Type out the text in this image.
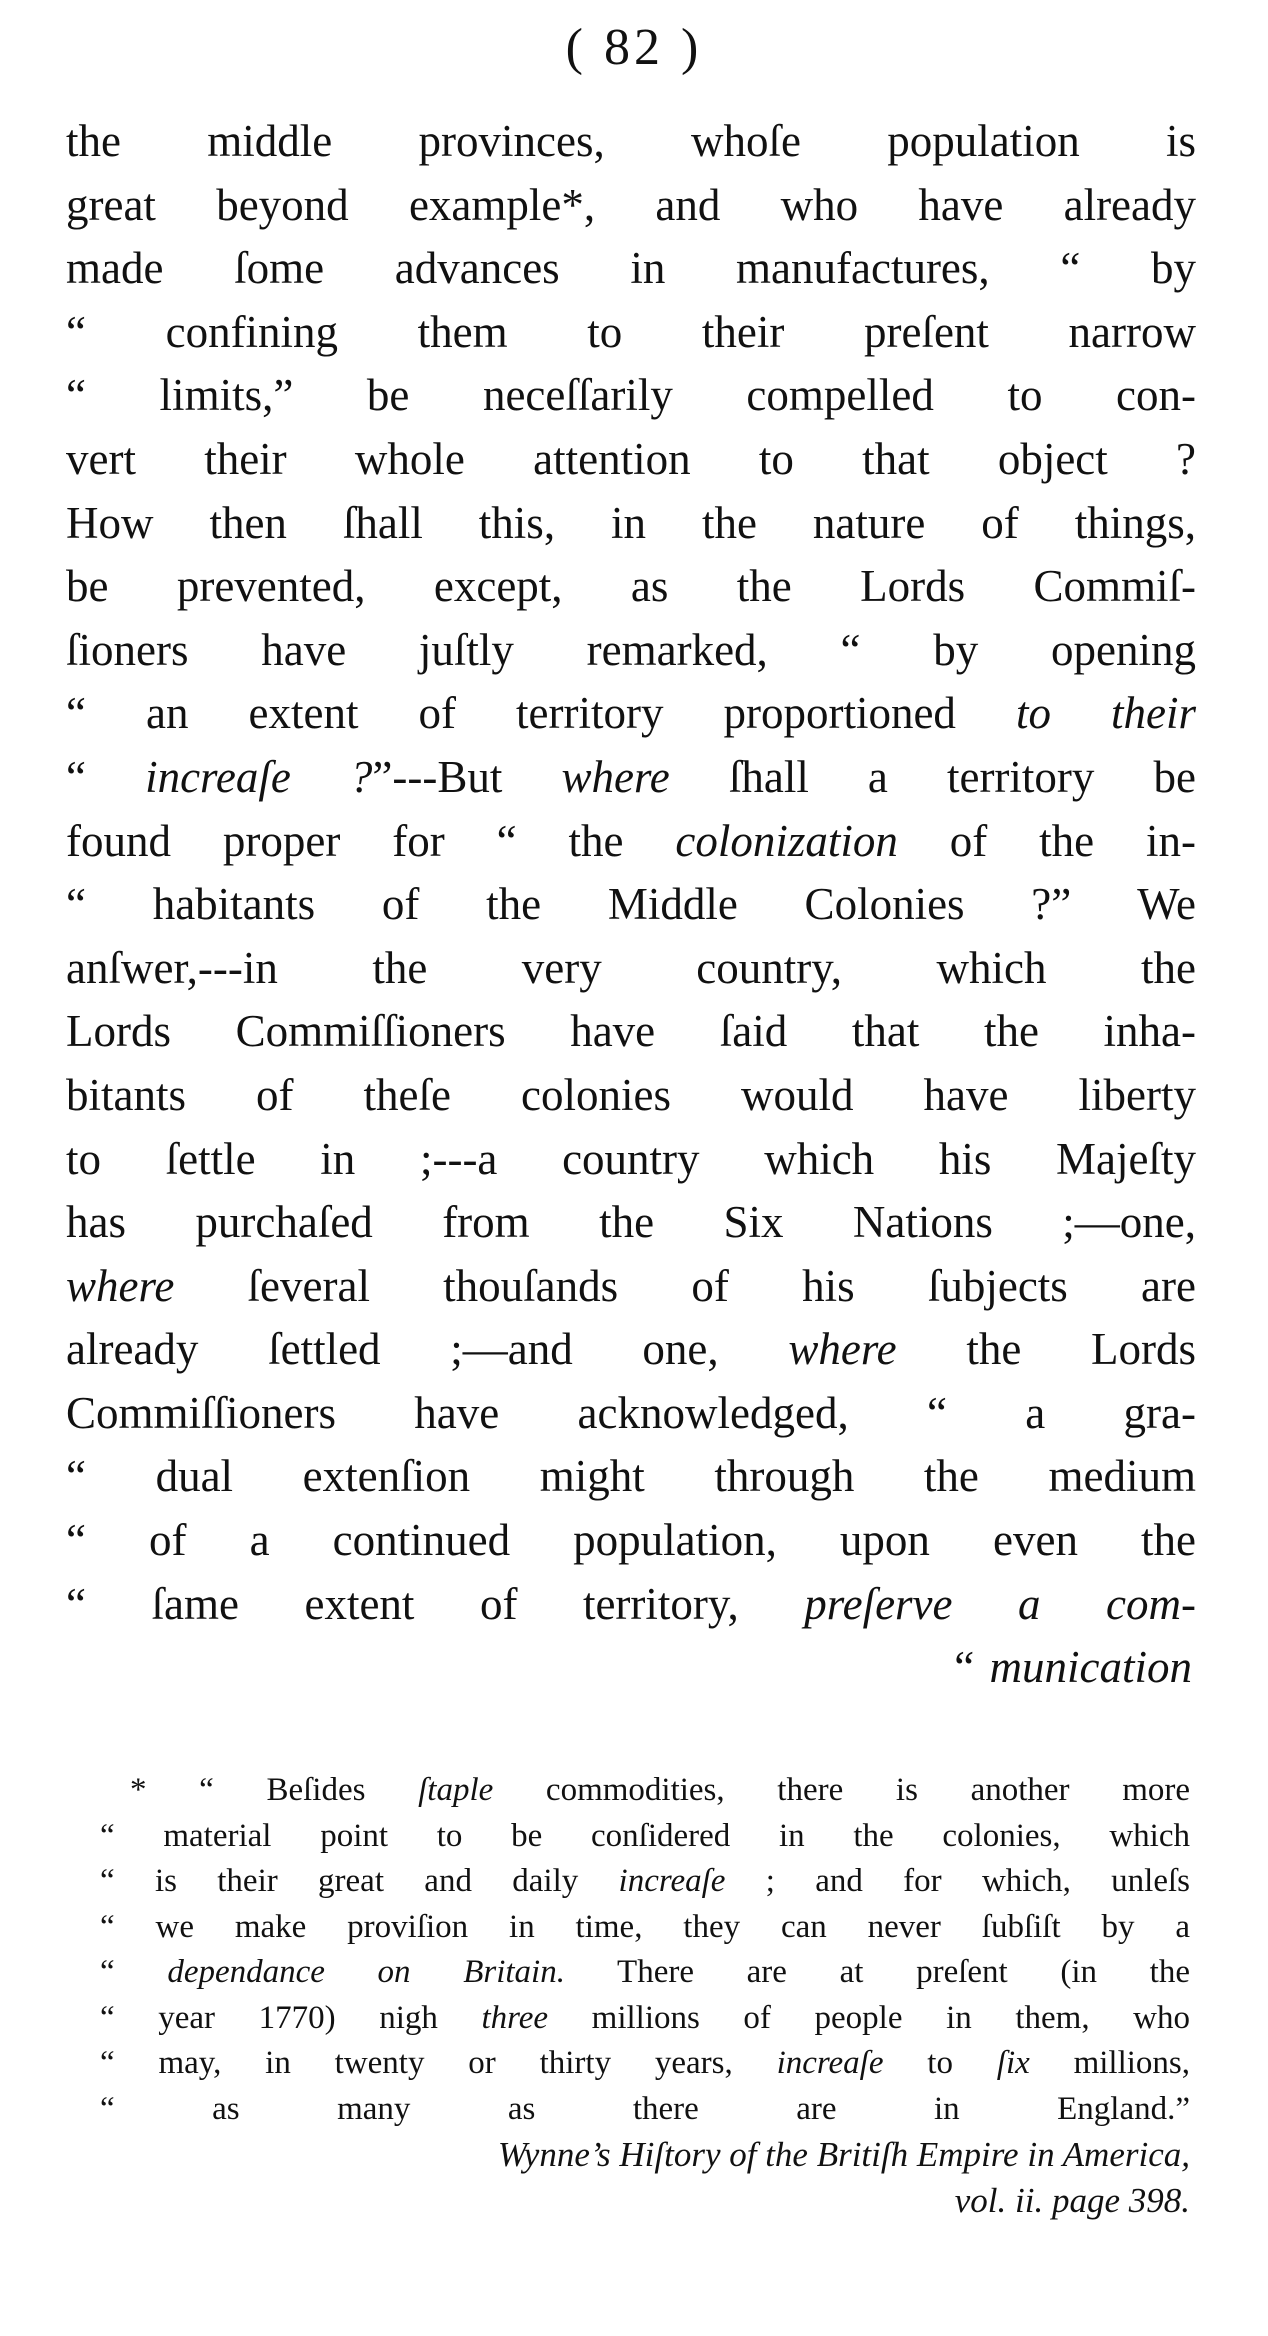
( 82 )
the middle provinces, whoſe population is
great beyond example*, and who have already
made ſome advances in manufactures, “ by
“ confining them to their preſent narrow
“ limits,” be neceſſarily compelled to con-
vert their whole attention to that object ?
How then ſhall this, in the nature of things,
be prevented, except, as the Lords Commiſ-
ſioners have juſtly remarked, “ by opening
“ an extent of territory proportioned to their
“ increaſe ?”---But where ſhall a territory be
found proper for “ the colonization of the in-
“ habitants of the Middle Colonies ?” We
anſwer,---in the very country, which the
Lords Commiſſioners have ſaid that the inha-
bitants of theſe colonies would have liberty
to ſettle in ;---a country which his Majeſty
has purchaſed from the Six Nations ;—one,
where ſeveral thouſands of his ſubjects are
already ſettled ;—and one, where the Lords
Commiſſioners have acknowledged, “ a gra-
“ dual extenſion might through the medium
“ of a continued population, upon even the
“ ſame extent of territory, preſerve a com-
“ munication
* “ Beſides ſtaple commodities, there is another more
“ material point to be conſidered in the colonies, which
“ is their great and daily increaſe ; and for which, unleſs
“ we make proviſion in time, they can never ſubſiſt by a
“ dependance on Britain. There are at preſent (in the
“ year 1770) nigh three millions of people in them, who
“ may, in twenty or thirty years, increaſe to ſix millions,
“ as many as there are in England.”
Wynne’s Hiſtory of the Britiſh Empire in America,
vol. ii. page 398.
